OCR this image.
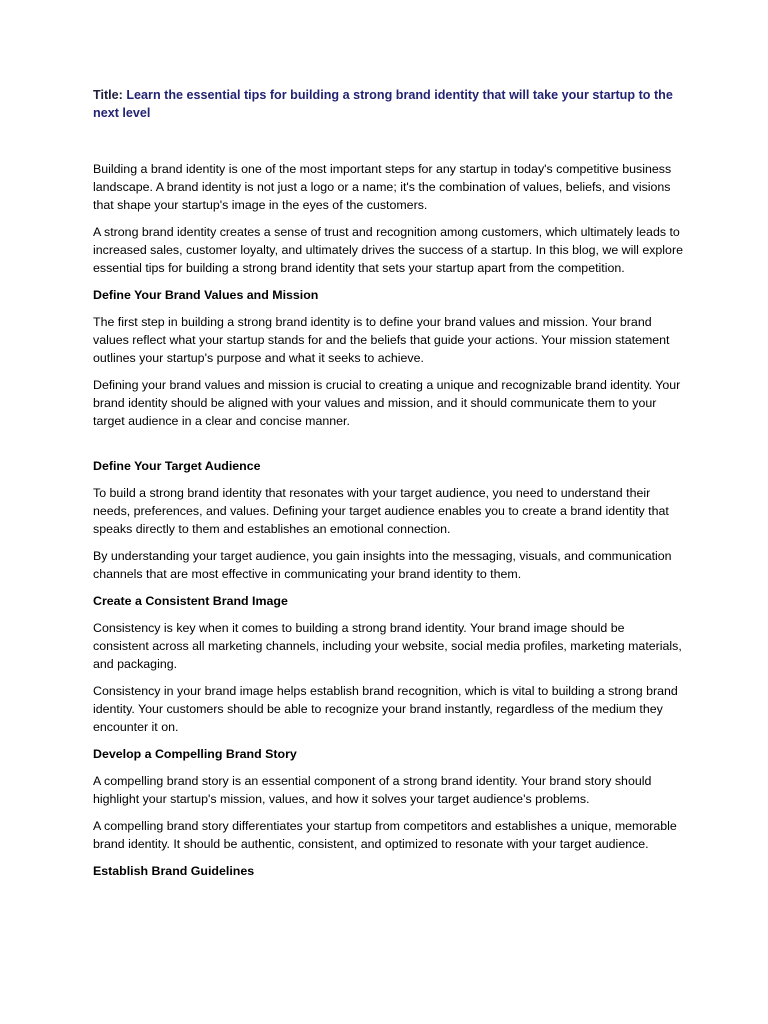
Title: Learn the essential tips for building a strong brand identity that will take your startup to the next level

Building a brand identity is one of the most important steps for any startup in today's competitive business landscape. A brand identity is not just a logo or a name; it's the combination of values, beliefs, and visions that shape your startup's image in the eyes of the customers.

A strong brand identity creates a sense of trust and recognition among customers, which ultimately leads to increased sales, customer loyalty, and ultimately drives the success of a startup. In this blog, we will explore essential tips for building a strong brand identity that sets your startup apart from the competition.

Define Your Brand Values and Mission

The first step in building a strong brand identity is to define your brand values and mission. Your brand values reflect what your startup stands for and the beliefs that guide your actions. Your mission statement outlines your startup's purpose and what it seeks to achieve.

Defining your brand values and mission is crucial to creating a unique and recognizable brand identity. Your brand identity should be aligned with your values and mission, and it should communicate them to your target audience in a clear and concise manner.

Define Your Target Audience

To build a strong brand identity that resonates with your target audience, you need to understand their needs, preferences, and values. Defining your target audience enables you to create a brand identity that speaks directly to them and establishes an emotional connection.

By understanding your target audience, you gain insights into the messaging, visuals, and communication channels that are most effective in communicating your brand identity to them.

Create a Consistent Brand Image

Consistency is key when it comes to building a strong brand identity. Your brand image should be consistent across all marketing channels, including your website, social media profiles, marketing materials, and packaging.

Consistency in your brand image helps establish brand recognition, which is vital to building a strong brand identity. Your customers should be able to recognize your brand instantly, regardless of the medium they encounter it on.

Develop a Compelling Brand Story

A compelling brand story is an essential component of a strong brand identity. Your brand story should highlight your startup's mission, values, and how it solves your target audience's problems.

A compelling brand story differentiates your startup from competitors and establishes a unique, memorable brand identity. It should be authentic, consistent, and optimized to resonate with your target audience.

Establish Brand Guidelines
